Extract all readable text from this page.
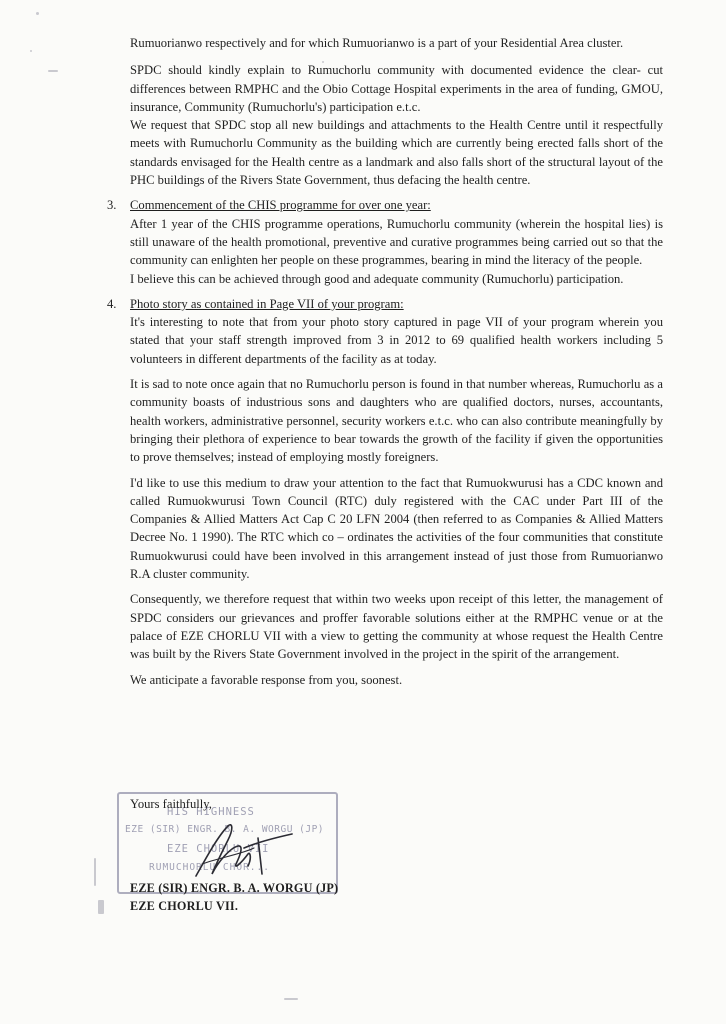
Rumuorianwo respectively and for which Rumuorianwo is a part of your Residential Area cluster.

SPDC should kindly explain to Rumuchorlu community with documented evidence the clear- cut differences between RMPHC and the Obio Cottage Hospital experiments in the area of funding, GMOU, insurance, Community (Rumuchorlu's) participation e.t.c.

We request that SPDC stop all new buildings and attachments to the Health Centre until it respectfully meets with Rumuchorlu Community as the building which are currently being erected falls short of the standards envisaged for the Health centre as a landmark and also falls short of the structural layout of the PHC buildings of the Rivers State Government, thus defacing the health centre.

3. Commencement of the CHIS programme for over one year:

After 1 year of the CHIS programme operations, Rumuchorlu community (wherein the hospital lies) is still unaware of the health promotional, preventive and curative programmes being carried out so that the community can enlighten her people on these programmes, bearing in mind the literacy of the people.

I believe this can be achieved through good and adequate community (Rumuchorlu) participation.

4. Photo story as contained in Page VII of your program:

It's interesting to note that from your photo story captured in page VII of your program wherein you stated that your staff strength improved from 3 in 2012 to 69 qualified health workers including 5 volunteers in different departments of the facility as at today.

It is sad to note once again that no Rumuchorlu person is found in that number whereas, Rumuchorlu as a community boasts of industrious sons and daughters who are qualified doctors, nurses, accountants, health workers, administrative personnel, security workers e.t.c. who can also contribute meaningfully by bringing their plethora of experience to bear towards the growth of the facility if given the opportunities to prove themselves; instead of employing mostly foreigners.

I'd like to use this medium to draw your attention to the fact that Rumuokwurusi has a CDC known and called Rumuokwurusi Town Council (RTC) duly registered with the CAC under Part III of the Companies & Allied Matters Act Cap C 20 LFN 2004 (then referred to as Companies & Allied Matters Decree No. 1 1990). The RTC which co – ordinates the activities of the four communities that constitute Rumuokwurusi could have been involved in this arrangement instead of just those from Rumuorianwo R.A cluster community.

Consequently, we therefore request that within two weeks upon receipt of this letter, the management of SPDC considers our grievances and proffer favorable solutions either at the RMPHC venue or at the palace of EZE CHORLU VII with a view to getting the community at whose request the Health Centre was built by the Rivers State Government involved in the project in the spirit of the arrangement.

We anticipate a favorable response from you, soonest.

HIS HIGHNESS
EZE (SIR) ENGR. B. A. WORGU (JP)
EZE CHORLU VII
RUMUCHORLU CHOR...
Yours faithfully,
EZE (SIR) ENGR. B. A. WORGU (JP)
EZE CHORLU VII.
